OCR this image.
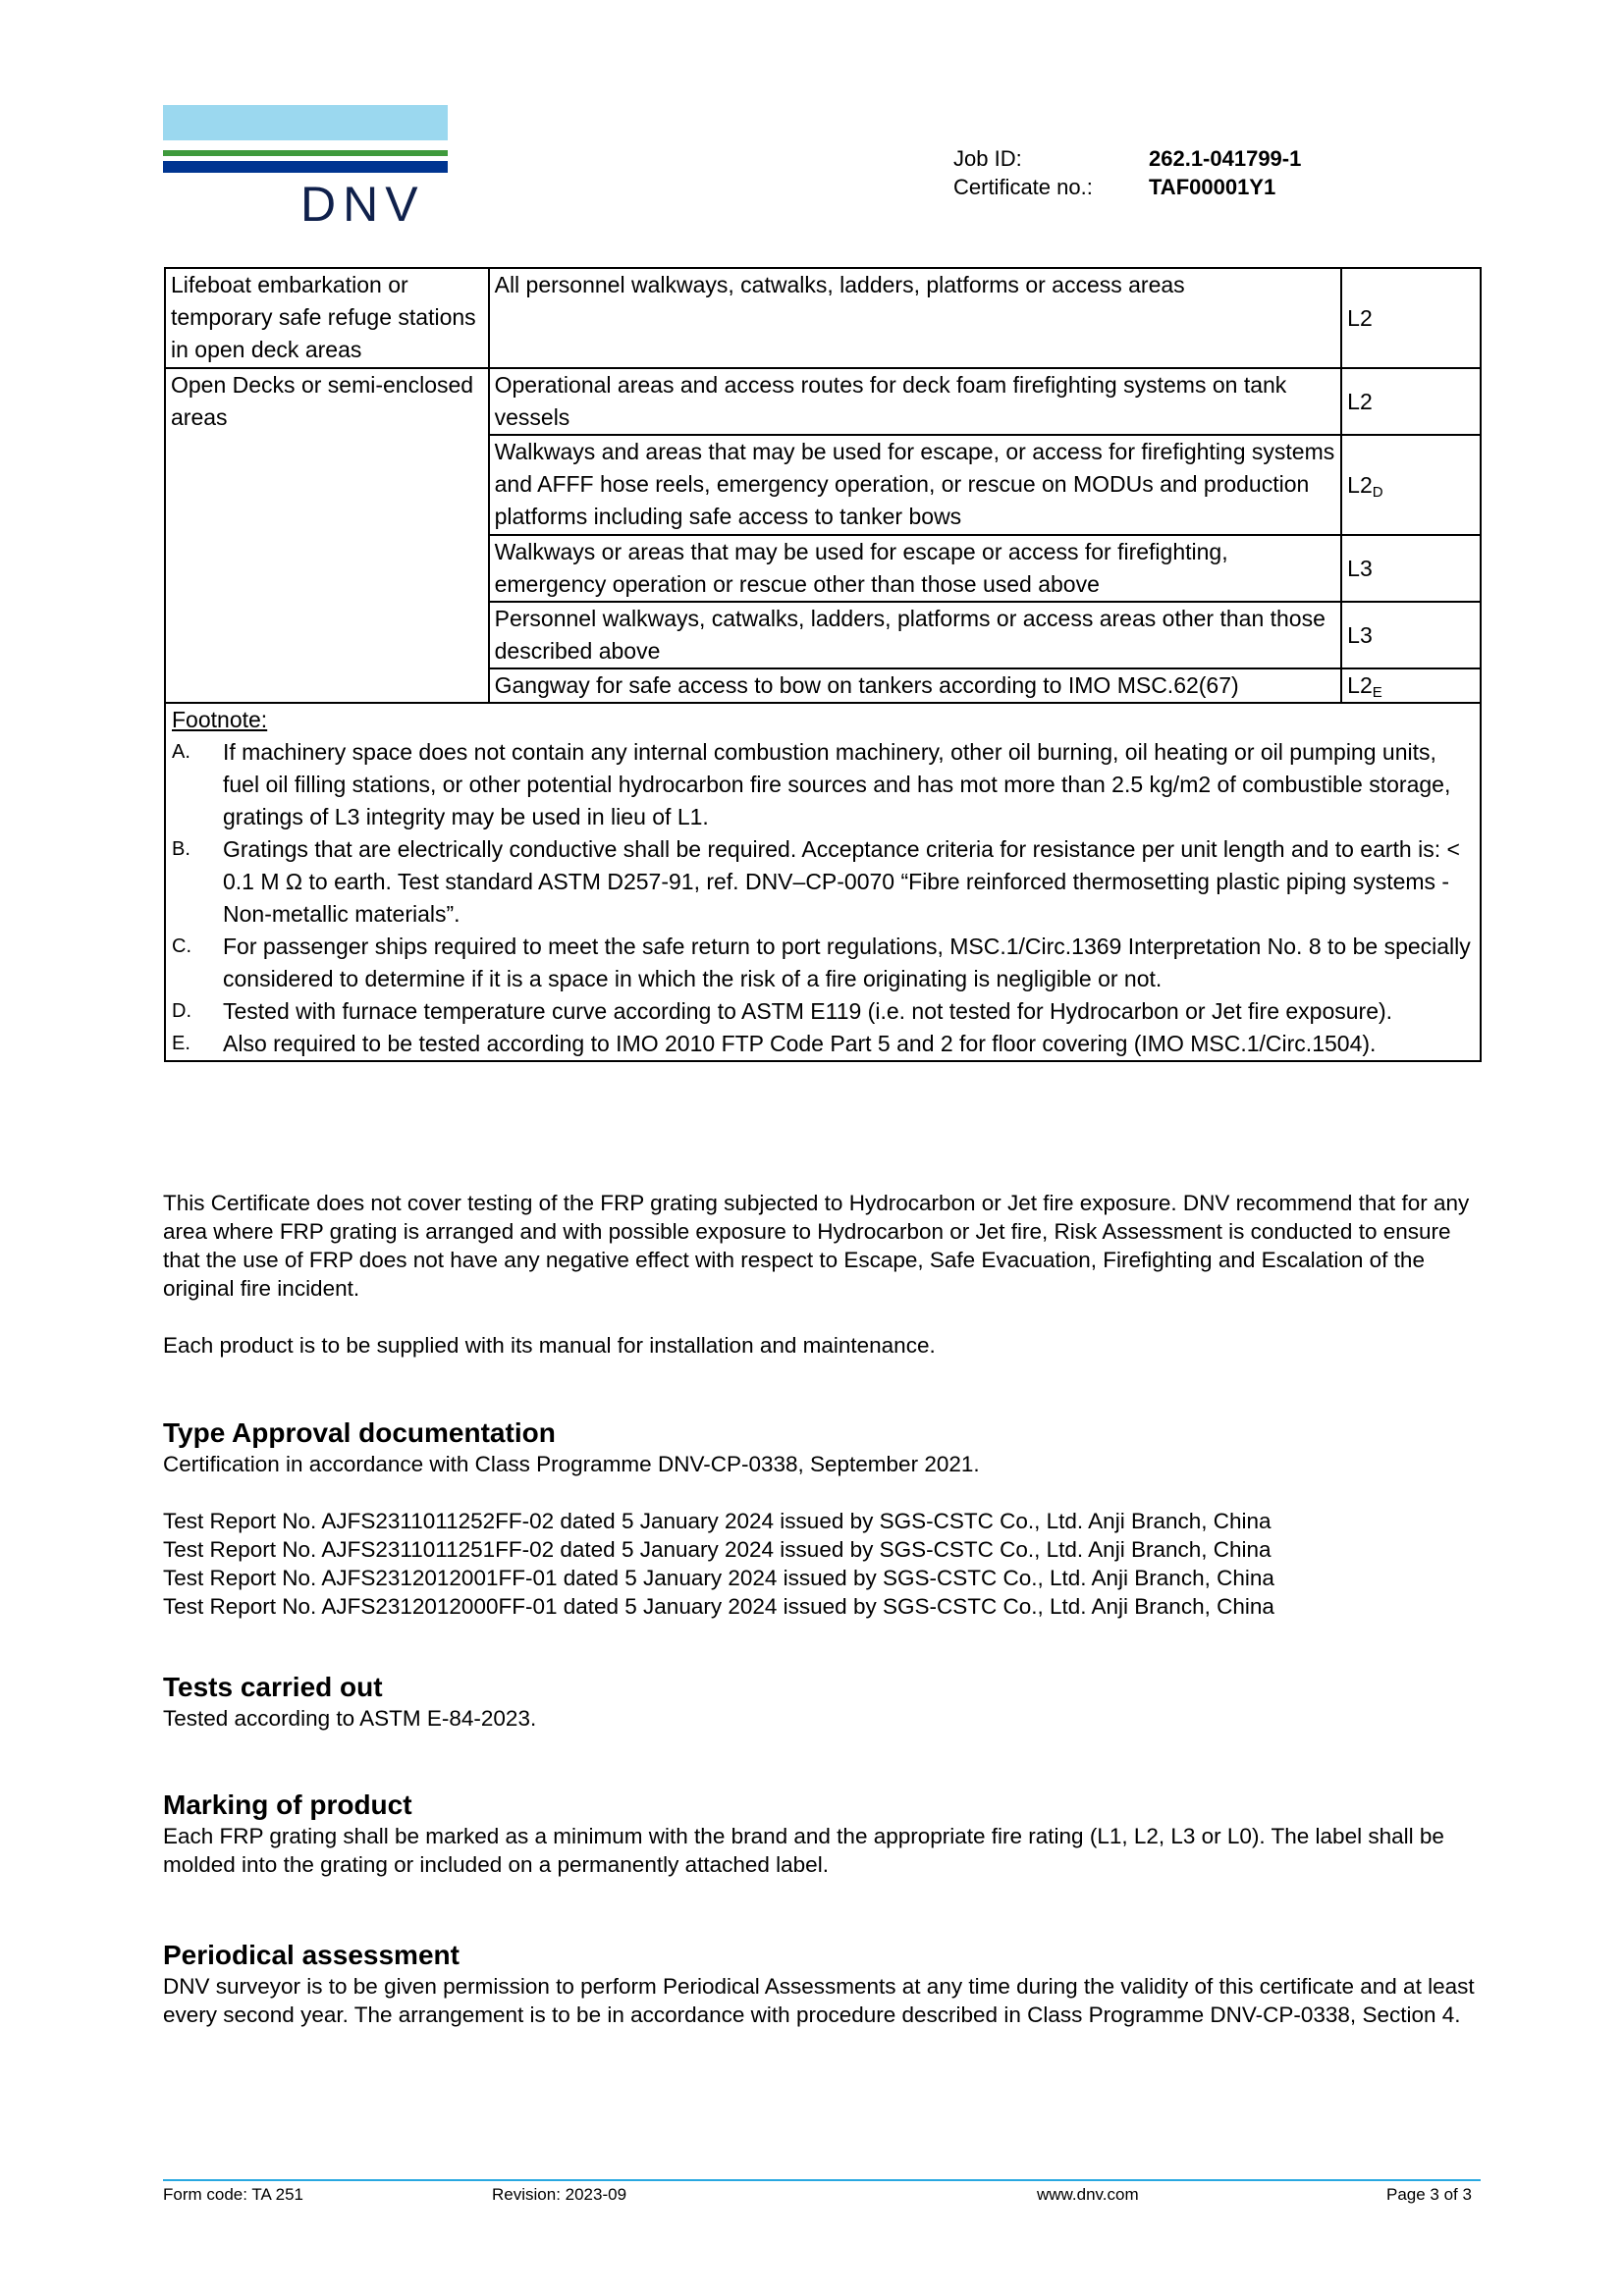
DNV
Job ID:	262.1-041799-1
Certificate no.:	TAF00001Y1
Lifeboat embarkation or temporary safe refuge stations in open deck areas	All personnel walkways, catwalks, ladders, platforms or access areas	L2
Open Decks or semi-enclosed areas	Operational areas and access routes for deck foam firefighting systems on tank vessels	L2
	Walkways and areas that may be used for escape, or access for firefighting systems and AFFF hose reels, emergency operation, or rescue on MODUs and production platforms including safe access to tanker bows	$L2_D$
	Walkways or areas that may be used for escape or access for firefighting, emergency operation or rescue other than those used above	L3
	Personnel walkways, catwalks, ladders, platforms or access areas other than those described above	L3
	Gangway for safe access to bow on tankers according to IMO MSC.62(67)	$L2_E$

Footnote:
A.	If machinery space does not contain any internal combustion machinery, other oil burning, oil heating or oil pumping units, fuel oil filling stations, or other potential hydrocarbon fire sources and has mot more than 2.5 kg/m2 of combustible storage, gratings of L3 integrity may be used in lieu of L1.
B.	Gratings that are electrically conductive shall be required. Acceptance criteria for resistance per unit length and to earth is: < 0.1 M Ω to earth. Test standard ASTM D257-91, ref. DNV–CP-0070 “Fibre reinforced thermosetting plastic piping systems - Non-metallic materials”.
C.	For passenger ships required to meet the safe return to port regulations, MSC.1/Circ.1369 Interpretation No. 8 to be specially considered to determine if it is a space in which the risk of a fire originating is negligible or not.
D.	Tested with furnace temperature curve according to ASTM E119 (i.e. not tested for Hydrocarbon or Jet fire exposure).
E.	Also required to be tested according to IMO 2010 FTP Code Part 5 and 2 for floor covering (IMO MSC.1/Circ.1504).
This Certificate does not cover testing of the FRP grating subjected to Hydrocarbon or Jet fire exposure. DNV recommend that for any area where FRP grating is arranged and with possible exposure to Hydrocarbon or Jet fire, Risk Assessment is conducted to ensure that the use of FRP does not have any negative effect with respect to Escape, Safe Evacuation, Firefighting and Escalation of the original fire incident.
Each product is to be supplied with its manual for installation and maintenance.
Type Approval documentation
Certification in accordance with Class Programme DNV-CP-0338, September 2021.
Test Report No. AJFS2311011252FF-02 dated 5 January 2024 issued by SGS-CSTC Co., Ltd. Anji Branch, China
Test Report No. AJFS2311011251FF-02 dated 5 January 2024 issued by SGS-CSTC Co., Ltd. Anji Branch, China
Test Report No. AJFS2312012001FF-01 dated 5 January 2024 issued by SGS-CSTC Co., Ltd. Anji Branch, China
Test Report No. AJFS2312012000FF-01 dated 5 January 2024 issued by SGS-CSTC Co., Ltd. Anji Branch, China
Tests carried out
Tested according to ASTM E-84-2023.
Marking of product
Each FRP grating shall be marked as a minimum with the brand and the appropriate fire rating (L1, L2, L3 or L0). The label shall be molded into the grating or included on a permanently attached label.
Periodical assessment
DNV surveyor is to be given permission to perform Periodical Assessments at any time during the validity of this certificate and at least every second year. The arrangement is to be in accordance with procedure described in Class Programme DNV-CP-0338, Section 4.
Form code: TA 251	Revision: 2023-09	www.dnv.com	Page 3 of 3
